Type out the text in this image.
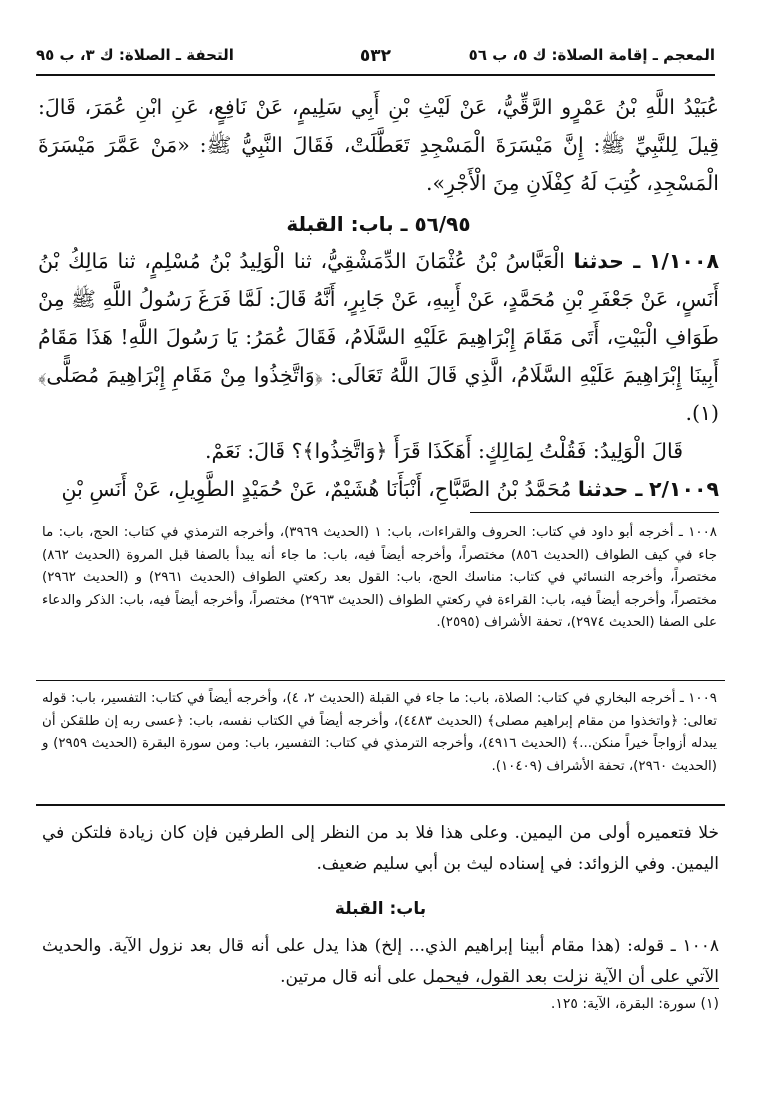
المعجم ـ إقامة الصلاة: ك ٥، ب ٥٦
٥٣٢
التحفة ـ الصلاة: ك ٣، ب ٩٥

عُبَيْدُ اللَّهِ بْنُ عَمْرٍو الرَّقِّيُّ، عَنْ لَيْثِ بْنِ أَبِي سَلِيمٍ، عَنْ نَافِعٍ، عَنِ ابْنِ عُمَرَ، قَالَ: قِيلَ لِلنَّبِيِّ ﷺ: إِنَّ مَيْسَرَةَ الْمَسْجِدِ تَعَطَّلَتْ، فَقَالَ النَّبِيُّ ﷺ: «مَنْ عَمَّرَ مَيْسَرَةَ الْمَسْجِدِ، كُتِبَ لَهُ كِفْلَانِ مِنَ الْأَجْرِ».

٥٦/٩٥ ـ باب: القبلة

١/١٠٠٨ ـ حدثنا الْعَبَّاسُ بْنُ عُثْمَانَ الدِّمَشْقِيُّ، ثنا الْوَلِيدُ بْنُ مُسْلِمٍ، ثنا مَالِكُ بْنُ أَنَسٍ، عَنْ جَعْفَرِ بْنِ مُحَمَّدٍ، عَنْ أَبِيهِ، عَنْ جَابِرٍ، أَنَّهُ قَالَ: لَمَّا فَرَغَ رَسُولُ اللَّهِ ﷺ مِنْ طَوَافِ الْبَيْتِ، أَتَى مَقَامَ إِبْرَاهِيمَ عَلَيْهِ السَّلَامُ، فَقَالَ عُمَرُ: يَا رَسُولَ اللَّهِ! هَذَا مَقَامُ أَبِينَا إِبْرَاهِيمَ عَلَيْهِ السَّلَامُ، الَّذِي قَالَ اللَّهُ تَعَالَى: ﴿وَاتَّخِذُوا مِنْ مَقَامِ إِبْرَاهِيمَ مُصَلًّى﴾ (١).

قَالَ الْوَلِيدُ: فَقُلْتُ لِمَالِكٍ: أَهَكَذَا قَرَأَ ﴿وَاتَّخِذُوا﴾؟ قَالَ: نَعَمْ.

٢/١٠٠٩ ـ حدثنا مُحَمَّدُ بْنُ الصَّبَّاحِ، أَنْبَأَنَا هُشَيْمٌ، عَنْ حُمَيْدٍ الطَّوِيلِ، عَنْ أَنَسِ بْنِ

١٠٠٨ ـ أخرجه أبو داود في كتاب: الحروف والقراءات، باب: ١ (الحديث ٣٩٦٩)، وأخرجه الترمذي في كتاب: الحج، باب: ما جاء في كيف الطواف (الحديث ٨٥٦) مختصراً، وأخرجه أيضاً فيه، باب: ما جاء أنه يبدأ بالصفا قبل المروة (الحديث ٨٦٢) مختصراً، وأخرجه النسائي في كتاب: مناسك الحج، باب: القول بعد ركعتي الطواف (الحديث ٢٩٦١) و (الحديث ٢٩٦٢) مختصراً، وأخرجه أيضاً فيه، باب: القراءة في ركعتي الطواف (الحديث ٢٩٦٣) مختصراً، وأخرجه أيضاً فيه، باب: الذكر والدعاء على الصفا (الحديث ٢٩٧٤)، تحفة الأشراف (٢٥٩٥).

١٠٠٩ ـ أخرجه البخاري في كتاب: الصلاة، باب: ما جاء في القبلة (الحديث ٢، ٤)، وأخرجه أيضاً في كتاب: التفسير، باب: قوله تعالى: ﴿واتخذوا من مقام إبراهيم مصلى﴾ (الحديث ٤٤٨٣)، وأخرجه أيضاً في الكتاب نفسه، باب: ﴿عسى ربه إن طلقكن أن يبدله أزواجاً خيراً منكن...﴾ (الحديث ٤٩١٦)، وأخرجه الترمذي في كتاب: التفسير، باب: ومن سورة البقرة (الحديث ٢٩٥٩) و (الحديث ٢٩٦٠)، تحفة الأشراف (١٠٤٠٩).

خلا فتعميره أولى من اليمين. وعلى هذا فلا بد من النظر إلى الطرفين فإن كان زيادة فلتكن في اليمين. وفي الزوائد: في إسناده ليث بن أبي سليم ضعيف.

باب: القبلة

١٠٠٨ ـ قوله: (هذا مقام أبينا إبراهيم الذي... إلخ) هذا يدل على أنه قال بعد نزول الآية. والحديث الآتي على أن الآية نزلت بعد القول، فيحمل على أنه قال مرتين.

(١) سورة: البقرة، الآية: ١٢٥.
